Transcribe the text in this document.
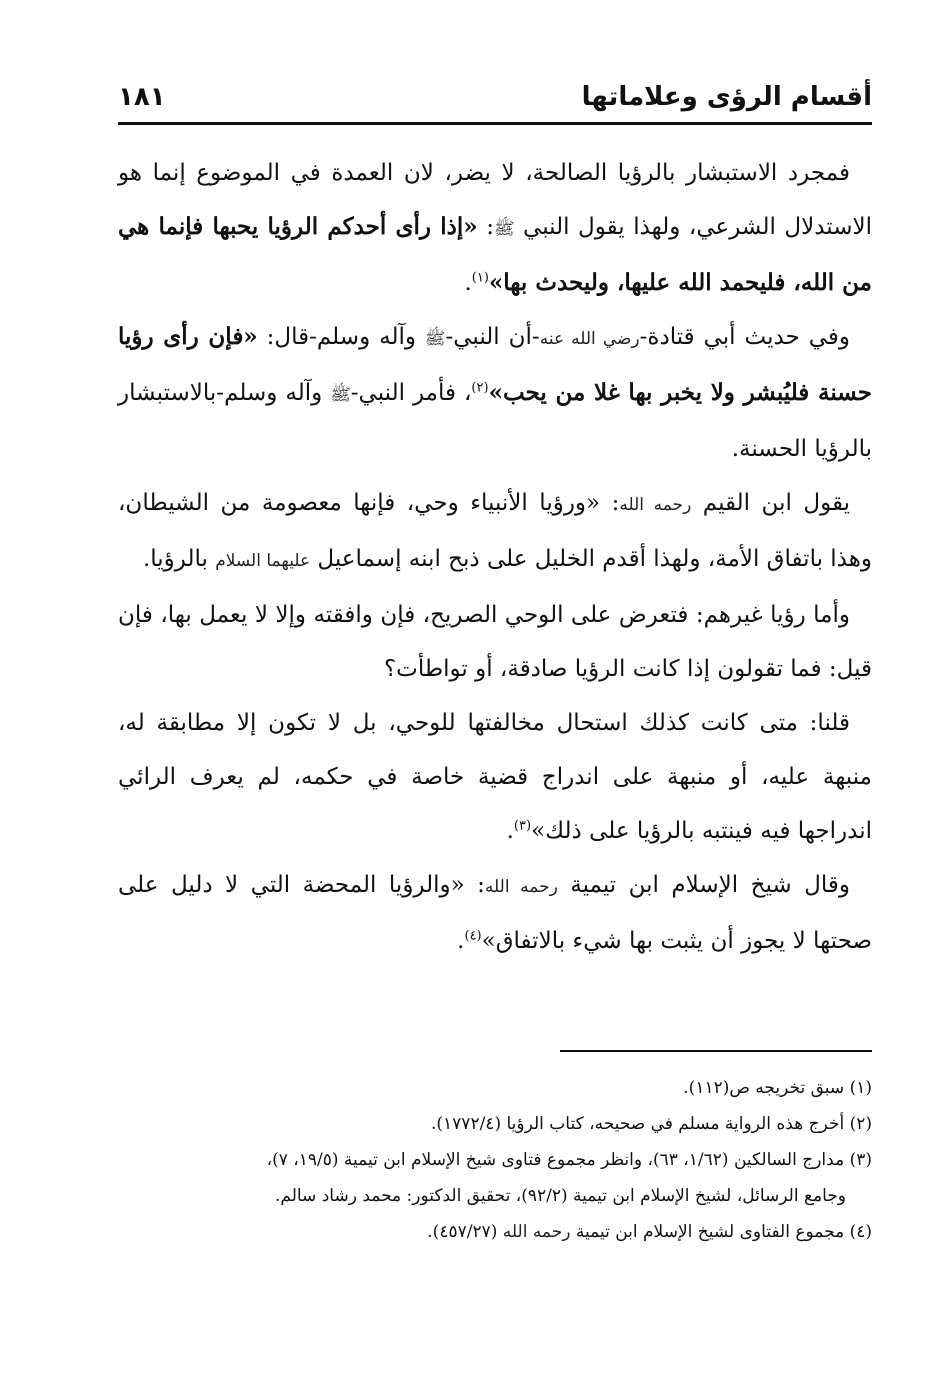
أقسام الرؤى وعلاماتها
١٨١

فمجرد الاستبشار بالرؤيا الصالحة، لا يضر، لان العمدة في الموضوع إنما هو الاستدلال الشرعي، ولهذا يقول النبي ﷺ: «إذا رأى أحدكم الرؤيا يحبها فإنما هي من الله، فليحمد الله عليها، وليحدث بها»$^{(١)}$.

وفي حديث أبي قتادة-رضي الله عنه-أن النبي-ﷺ وآله وسلم-قال: «فإن رأى رؤيا حسنة فليُبشر ولا يخبر بها غلا من يحب»$^{(٢)}$، فأمر النبي-ﷺ وآله وسلم-بالاستبشار بالرؤيا الحسنة.

يقول ابن القيم رحمه الله: «ورؤيا الأنبياء وحي، فإنها معصومة من الشيطان، وهذا باتفاق الأمة، ولهذا أقدم الخليل على ذبح ابنه إسماعيل عليهما السلام بالرؤيا.

وأما رؤيا غيرهم: فتعرض على الوحي الصريح، فإن وافقته وإلا لا يعمل بها، فإن قيل: فما تقولون إذا كانت الرؤيا صادقة، أو تواطأت؟

قلنا: متى كانت كذلك استحال مخالفتها للوحي، بل لا تكون إلا مطابقة له، منبهة عليه، أو منبهة على اندراج قضية خاصة في حكمه، لم يعرف الرائي اندراجها فيه فينتبه بالرؤيا على ذلك»$^{(٣)}$.

وقال شيخ الإسلام ابن تيمية رحمه الله: «والرؤيا المحضة التي لا دليل على صحتها لا يجوز أن يثبت بها شيء بالاتفاق»$^{(٤)}$.

(١) سبق تخريجه ص(١١٢).

(٢) أخرج هذه الرواية مسلم في صحيحه، كتاب الرؤيا (١٧٧٢/٤).

(٣) مدارج السالكين (١/٦٢، ٦٣)، وانظر مجموع فتاوى شيخ الإسلام ابن تيمية (١٩/٥، ٧)،

وجامع الرسائل، لشيخ الإسلام ابن تيمية (٩٢/٢)، تحقيق الدكتور: محمد رشاد سالم.

(٤) مجموع الفتاوى لشيخ الإسلام ابن تيمية رحمه الله (٤٥٧/٢٧).
